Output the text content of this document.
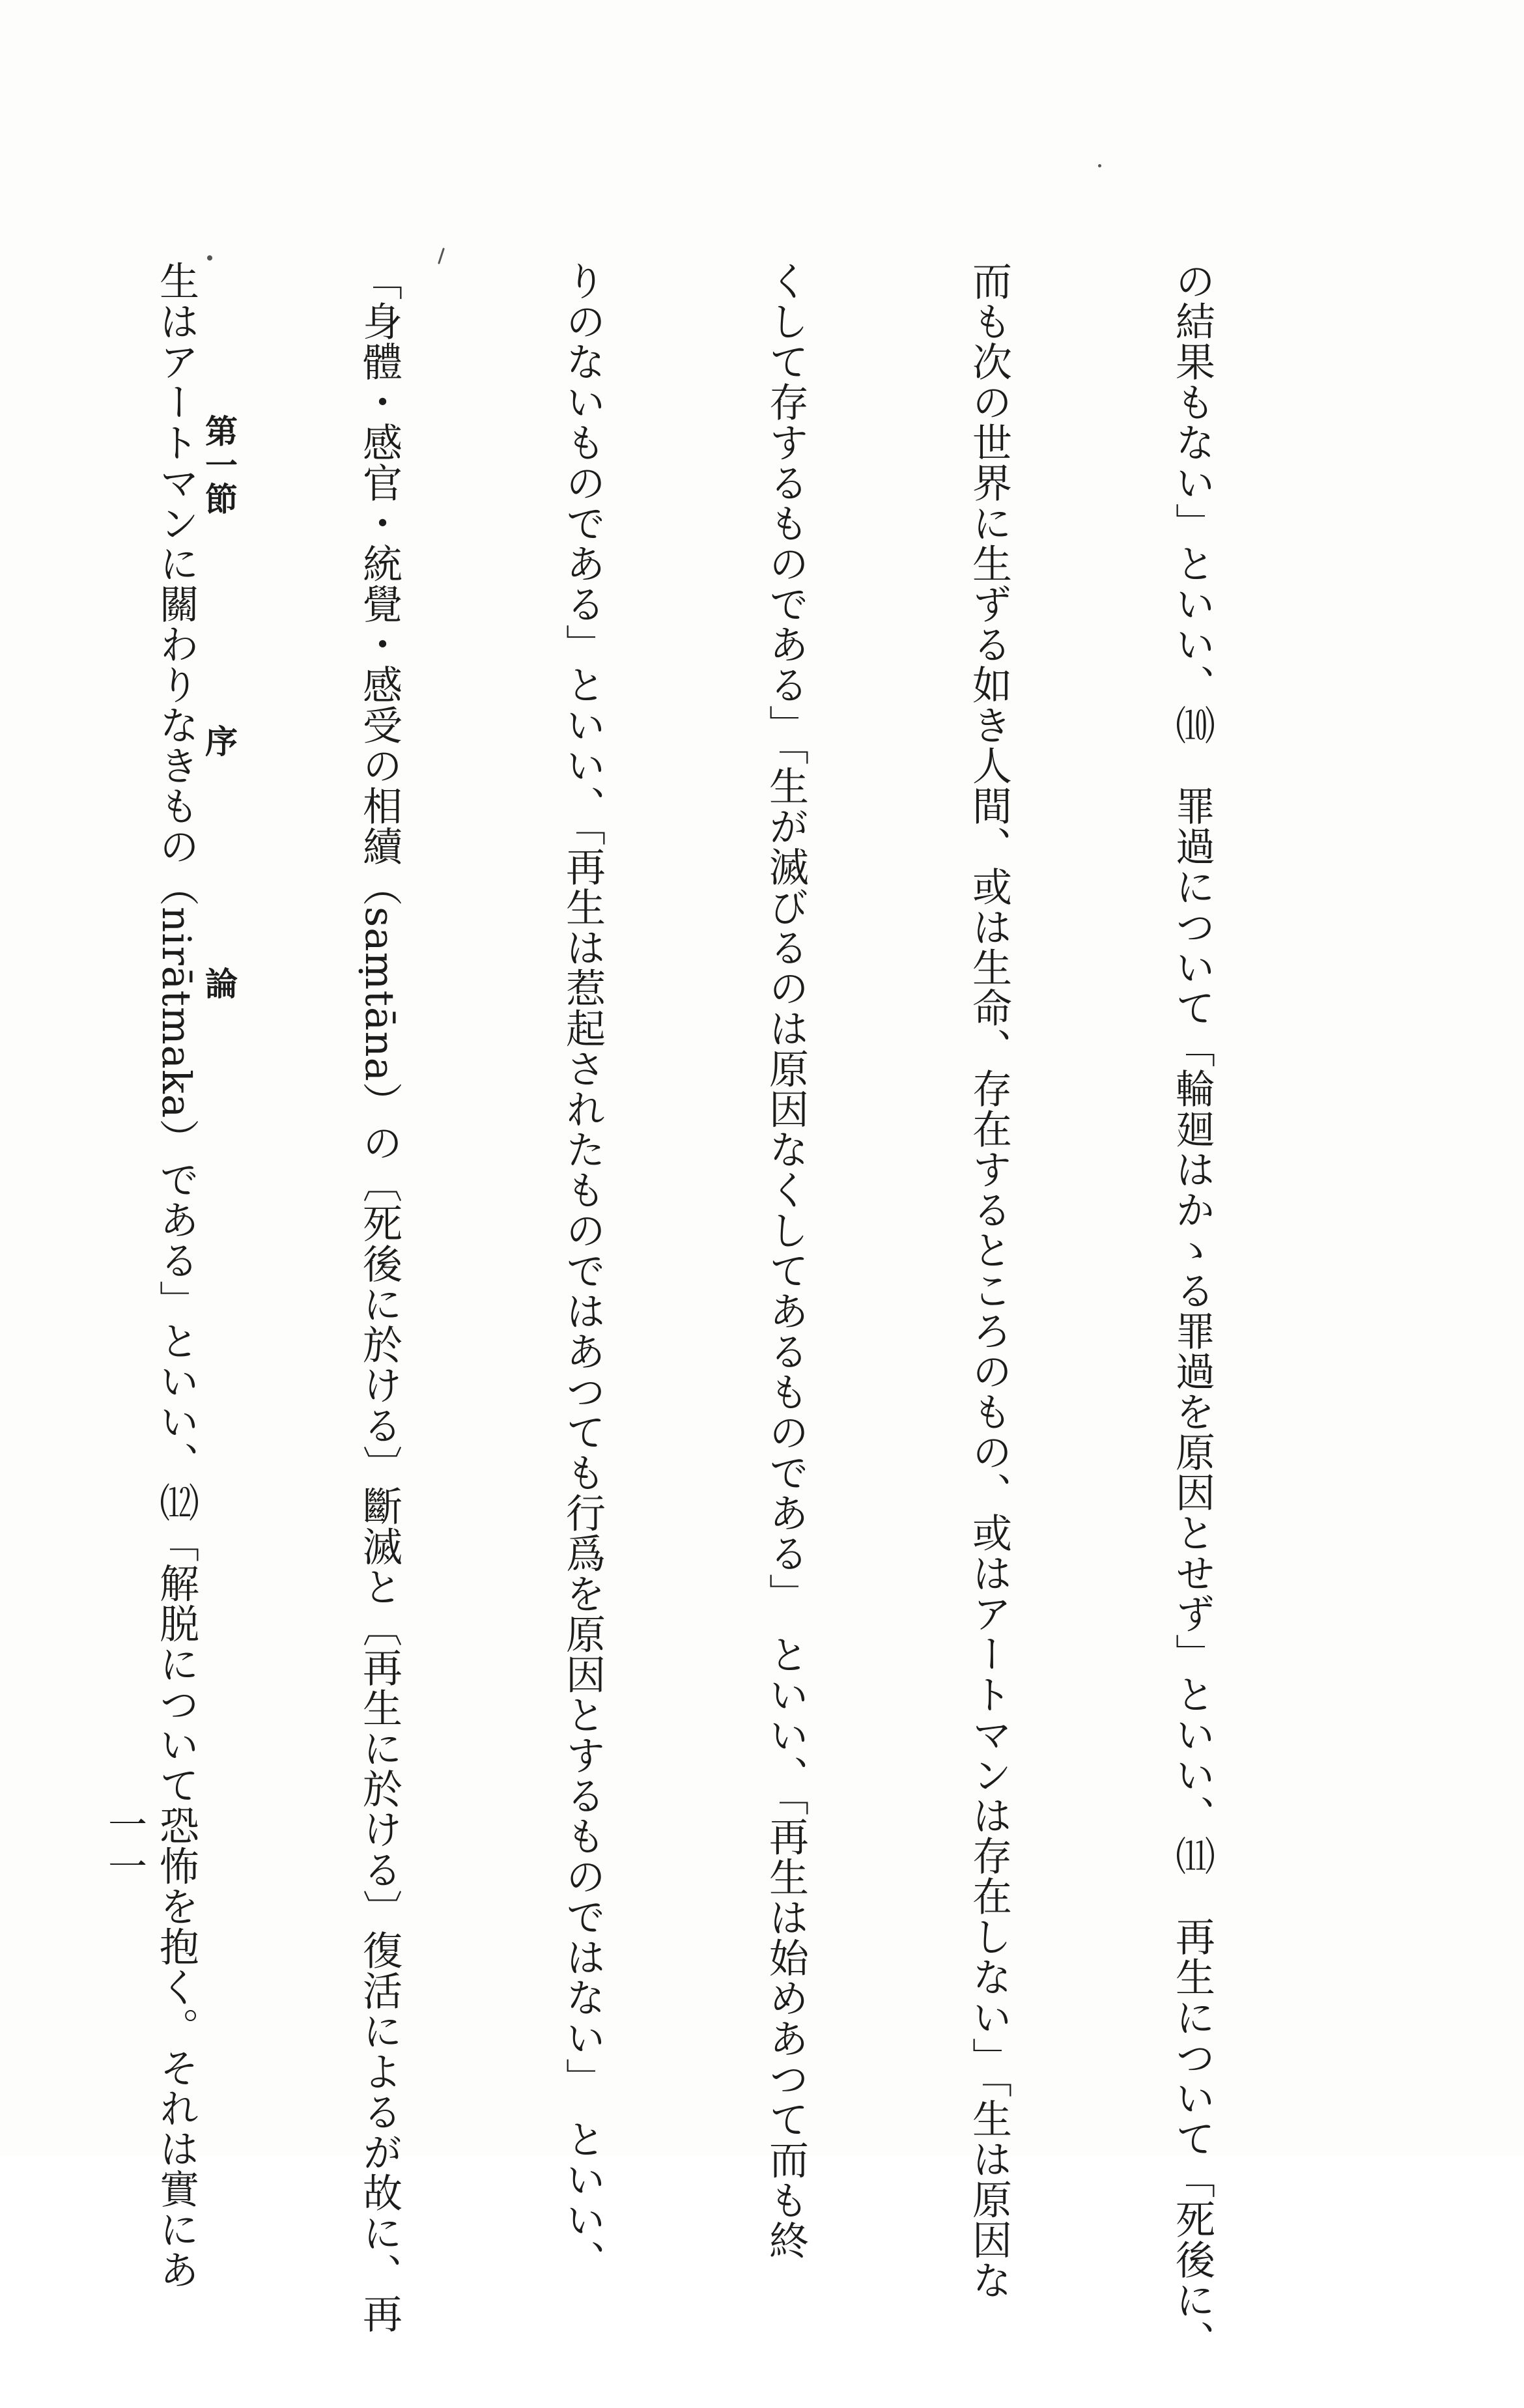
の結果もない」といい、⑽　罪過について「輪廻はかゝる罪過を原因とせず」といい、⑾　再生について「死後に、

而も次の世界に生ずる如き人間、或は生命、存在するところのもの、或はアートマンは存在しない」「生は原因な

くして存するものである」「生が滅びるのは原因なくしてあるものである」　といい、「再生は始めあつて而も終

りのないものである」といい、「再生は惹起されたものではあつても行爲を原因とするものではない」　といい、

「身體・感官・統覺・感受の相續（saṃtāna）の〔死後に於ける〕斷滅と〔再生に於ける〕復活によるが故に、再

生はアートマンに關わりなきもの（nirātmaka）である」といい、⑿「解脱について恐怖を抱く。それは實にあ

第一節
序
論
一一
